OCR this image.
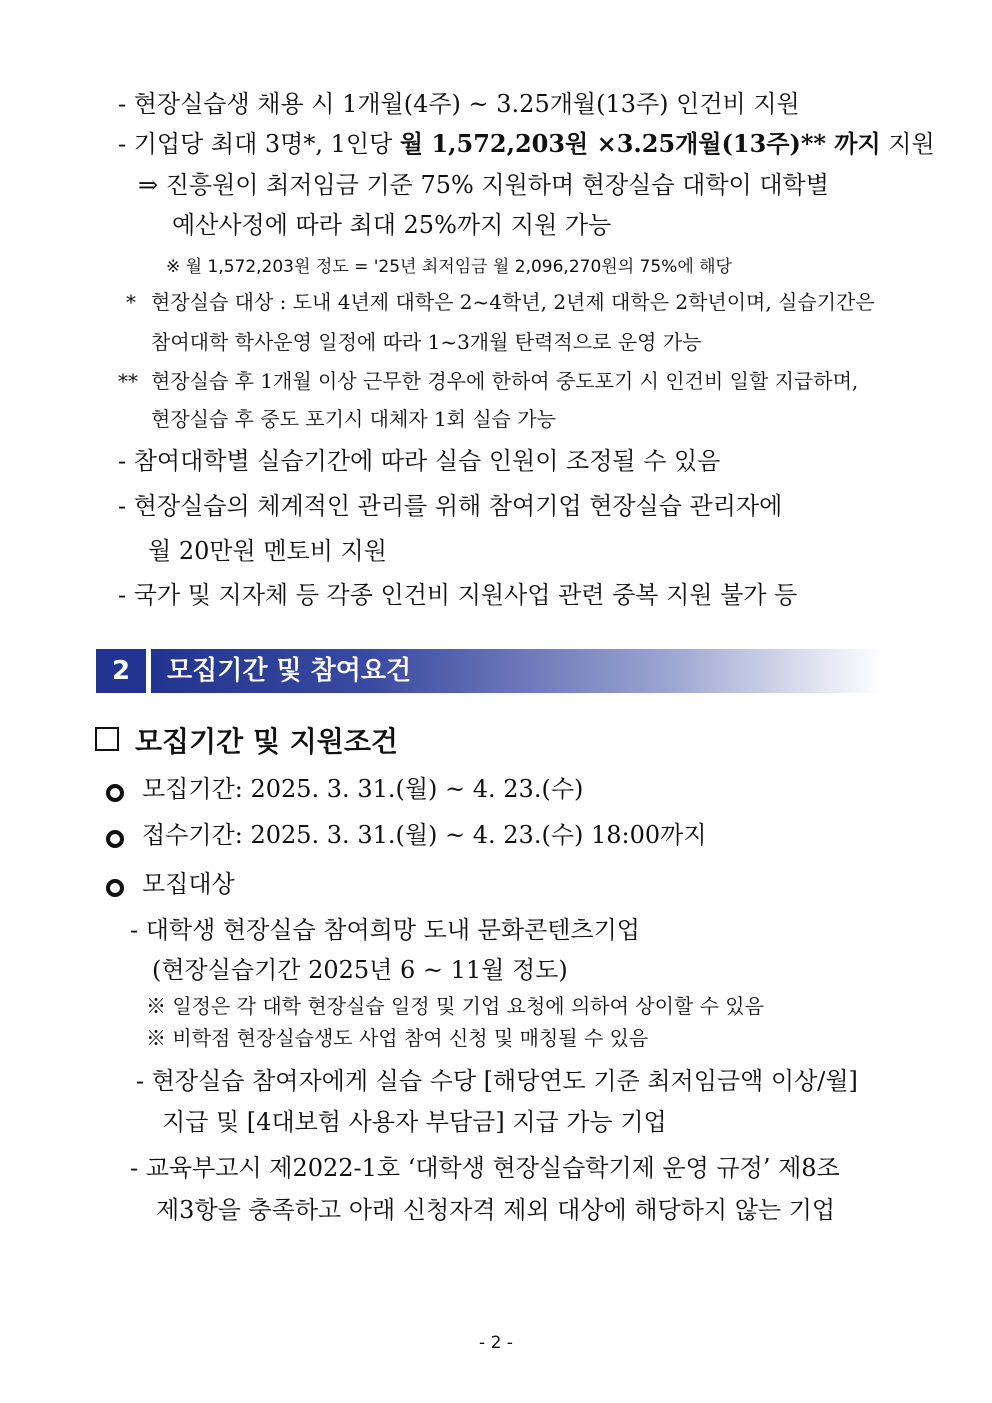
- 현장실습생 채용 시 1개월(4주) ~ 3.25개월(13주) 인건비 지원
- 기업당 최대 3명*, 1인당 월 1,572,203원 ×3.25개월(13주)** 까지 지원
⇒ 진흥원이 최저임금 기준 75% 지원하며 현장실습 대학이 대학별
예산사정에 따라 최대 25%까지 지원 가능
※ 월 1,572,203원 정도 = '25년 최저임금 월 2,096,270원의 75%에 해당
* 현장실습 대상 : 도내 4년제 대학은 2~4학년, 2년제 대학은 2학년이며, 실습기간은
참여대학 학사운영 일정에 따라 1~3개월 탄력적으로 운영 가능
** 현장실습 후 1개월 이상 근무한 경우에 한하여 중도포기 시 인건비 일할 지급하며,
현장실습 후 중도 포기시 대체자 1회 실습 가능
- 참여대학별 실습기간에 따라 실습 인원이 조정될 수 있음
- 현장실습의 체계적인 관리를 위해 참여기업 현장실습 관리자에
월 20만원 멘토비 지원
- 국가 및 지자체 등 각종 인건비 지원사업 관련 중복 지원 불가 등
2	모집기간 및 참여요건
모집기간 및 지원조건
모집기간: 2025. 3. 31.(월) ~ 4. 23.(수)
접수기간: 2025. 3. 31.(월) ~ 4. 23.(수) 18:00까지
모집대상
- 대학생 현장실습 참여희망 도내 문화콘텐츠기업
(현장실습기간 2025년 6 ~ 11월 정도)
※ 일정은 각 대학 현장실습 일정 및 기업 요청에 의하여 상이할 수 있음
※ 비학점 현장실습생도 사업 참여 신청 및 매칭될 수 있음
- 현장실습 참여자에게 실습 수당 [해당연도 기준 최저임금액 이상/월]
지급 및 [4대보험 사용자 부담금] 지급 가능 기업
- 교육부고시 제2022-1호 ‘대학생 현장실습학기제 운영 규정’ 제8조
제3항을 충족하고 아래 신청자격 제외 대상에 해당하지 않는 기업
- 2 -
